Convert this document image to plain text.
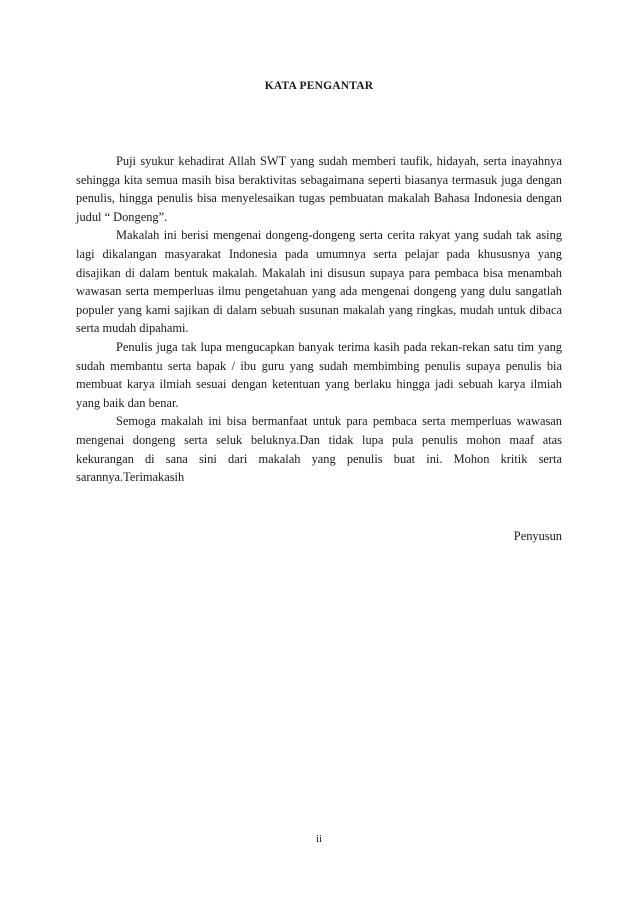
KATA PENGANTAR

Puji syukur kehadirat Allah SWT yang sudah memberi taufik, hidayah, serta inayahnya sehingga kita semua masih bisa beraktivitas sebagaimana seperti biasanya termasuk juga dengan penulis, hingga penulis bisa menyelesaikan tugas pembuatan makalah Bahasa Indonesia dengan judul “ Dongeng”.

Makalah ini berisi mengenai dongeng-dongeng serta cerita rakyat yang sudah tak asing lagi dikalangan masyarakat Indonesia pada umumnya serta pelajar pada khususnya yang disajikan di dalam bentuk makalah. Makalah ini disusun supaya para pembaca bisa menambah wawasan serta memperluas ilmu pengetahuan yang ada mengenai dongeng yang dulu sangatlah populer yang kami sajikan di dalam sebuah susunan makalah yang ringkas, mudah untuk dibaca serta mudah dipahami.

Penulis juga tak lupa mengucapkan banyak terima kasih pada rekan-rekan satu tim yang sudah membantu serta bapak / ibu guru yang sudah membimbing penulis supaya penulis bia membuat karya ilmiah sesuai dengan ketentuan yang berlaku hingga jadi sebuah karya ilmiah yang baik dan benar.

Semoga makalah ini bisa bermanfaat untuk para pembaca serta memperluas wawasan mengenai dongeng serta seluk beluknya.Dan tidak lupa pula penulis mohon maaf atas kekurangan di sana sini dari makalah yang penulis buat ini. Mohon kritik serta sarannya.Terimakasih

Penyusun
ii
